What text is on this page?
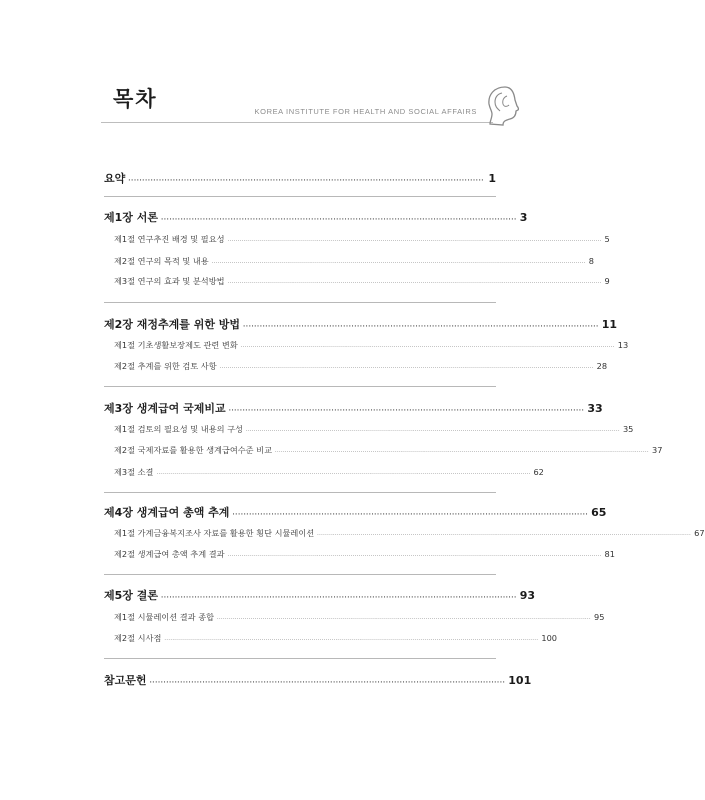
목차
KOREA INSTITUTE FOR HEALTH AND SOCIAL AFFAIRS
요약 ································································································································ 1
제1장 서론 ································································································································ 3
제1절 연구추진 배경 및 필요성 ···························································································································································································· 5
제2절 연구의 목적 및 내용 ···························································································································································································· 8
제3절 연구의 효과 및 분석방법 ···························································································································································································· 9
제2장 재정추계를 위한 방법 ································································································································ 11
제1절 기초생활보장제도 관련 변화 ···························································································································································································· 13
제2절 추계를 위한 검토 사항 ···························································································································································································· 28
제3장 생계급여 국제비교 ································································································································ 33
제1절 검토의 필요성 및 내용의 구성 ···························································································································································································· 35
제2절 국제자료를 활용한 생계급여수준 비교 ···························································································································································································· 37
제3절 소결 ···························································································································································································· 62
제4장 생계급여 총액 추계 ································································································································ 65
제1절 가계금융복지조사 자료를 활용한 횡단 시뮬레이션 ···························································································································································································· 67
제2절 생계급여 총액 추계 결과 ···························································································································································································· 81
제5장 결론 ································································································································ 93
제1절 시뮬레이션 결과 종합 ···························································································································································································· 95
제2절 시사점 ···························································································································································································· 100
참고문헌 ································································································································ 101
